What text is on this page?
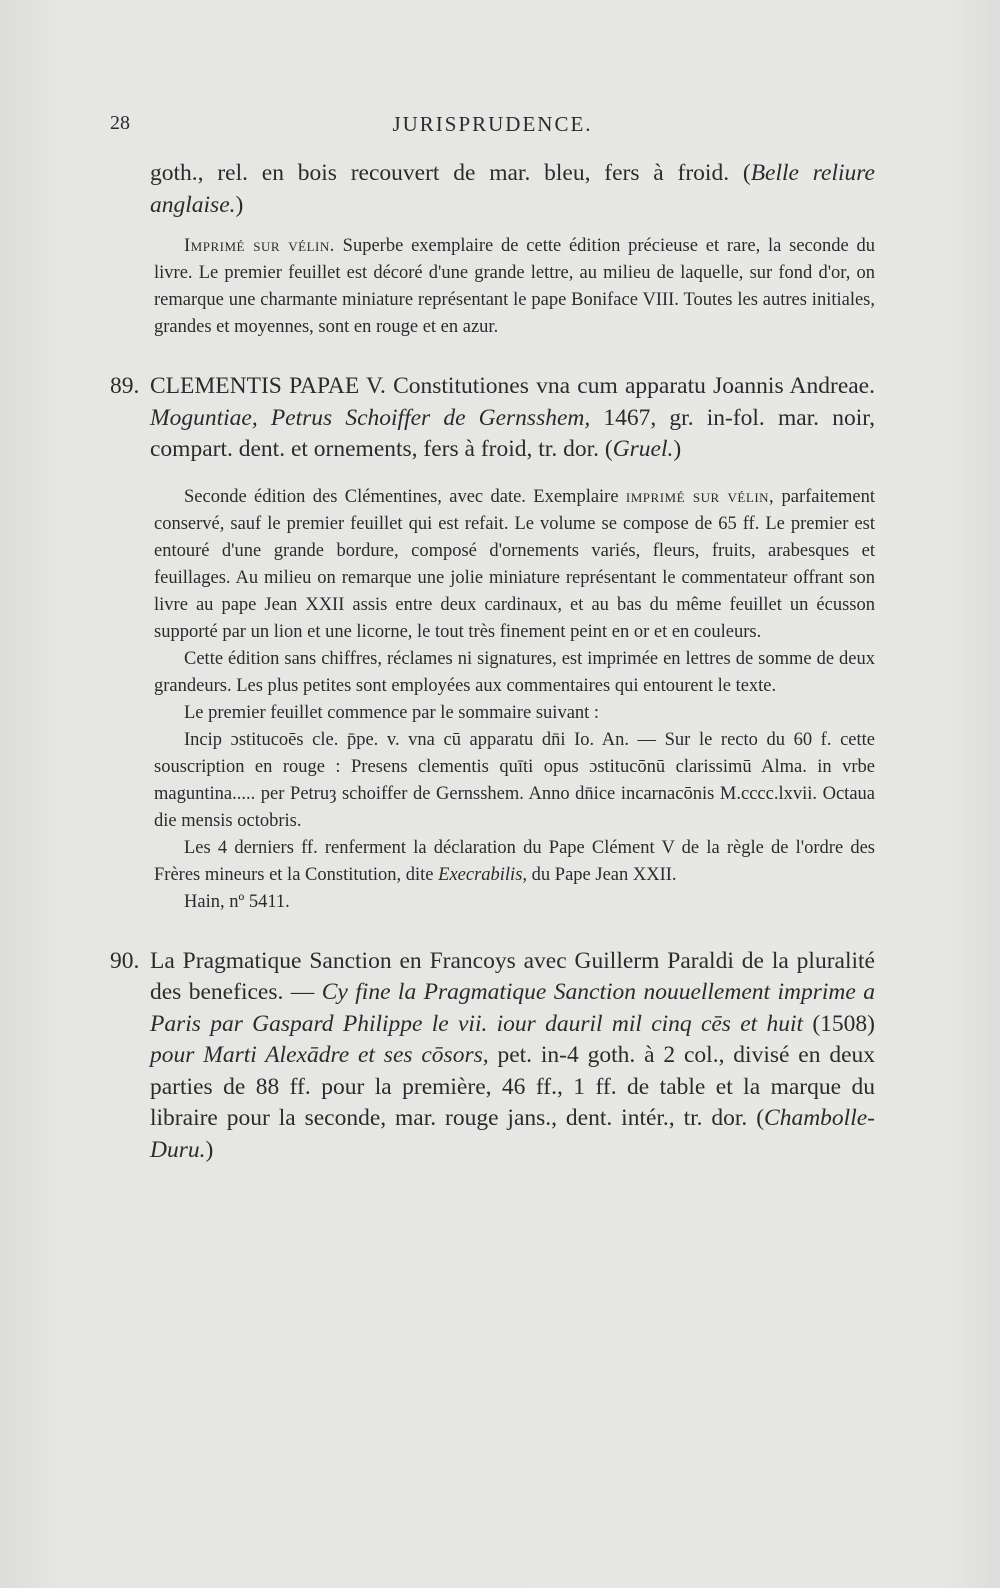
28	JURISPRUDENCE.

goth., rel. en bois recouvert de mar. bleu, fers à froid. (Belle reliure anglaise.)

Imprimé sur vélin. Superbe exemplaire de cette édition précieuse et rare, la seconde du livre. Le premier feuillet est décoré d'une grande lettre, au milieu de laquelle, sur fond d'or, on remarque une charmante miniature représentant le pape Boniface VIII. Toutes les autres initiales, grandes et moyennes, sont en rouge et en azur.

89. CLEMENTIS PAPAE V. Constitutiones vna cum apparatu Joannis Andreae. Moguntiae, Petrus Schoiffer de Gernsshem, 1467, gr. in-fol. mar. noir, compart. dent. et ornements, fers à froid, tr. dor. (Gruel.)

Seconde édition des Clémentines, avec date. Exemplaire imprimé sur vélin, parfaitement conservé, sauf le premier feuillet qui est refait. Le volume se compose de 65 ff. Le premier est entouré d'une grande bordure, composé d'ornements variés, fleurs, fruits, arabesques et feuillages. Au milieu on remarque une jolie miniature représentant le commentateur offrant son livre au pape Jean XXII assis entre deux cardinaux, et au bas du même feuillet un écusson supporté par un lion et une licorne, le tout très finement peint en or et en couleurs.

Cette édition sans chiffres, réclames ni signatures, est imprimée en lettres de somme de deux grandeurs. Les plus petites sont employées aux commentaires qui entourent le texte.

Le premier feuillet commence par le sommaire suivant :

Incip ɔstitucoēs cle. p̄pe. v. vna cū apparatu dn̄i Io. An. — Sur le recto du 60 f. cette souscription en rouge : Presens clementis quīti opus ɔstitucōnū clarissimū Alma. in vrbe maguntina..... per Petruȝ schoiffer de Gernsshem. Anno dn̄ice incarnacōnis M.cccc.lxvii. Octaua die mensis octobris.

Les 4 derniers ff. renferment la déclaration du Pape Clément V de la règle de l'ordre des Frères mineurs et la Constitution, dite Execrabilis, du Pape Jean XXII.

Hain, nº 5411.

90. La Pragmatique Sanction en Francoys avec Guillerm Paraldi de la pluralité des benefices. — Cy fine la Pragmatique Sanction nouuellement imprime a Paris par Gaspard Philippe le vii. iour dauril mil cinq cēs et huit (1508) pour Marti Alexādre et ses cōsors, pet. in-4 goth. à 2 col., divisé en deux parties de 88 ff. pour la première, 46 ff., 1 ff. de table et la marque du libraire pour la seconde, mar. rouge jans., dent. intér., tr. dor. (Chambolle-Duru.)
